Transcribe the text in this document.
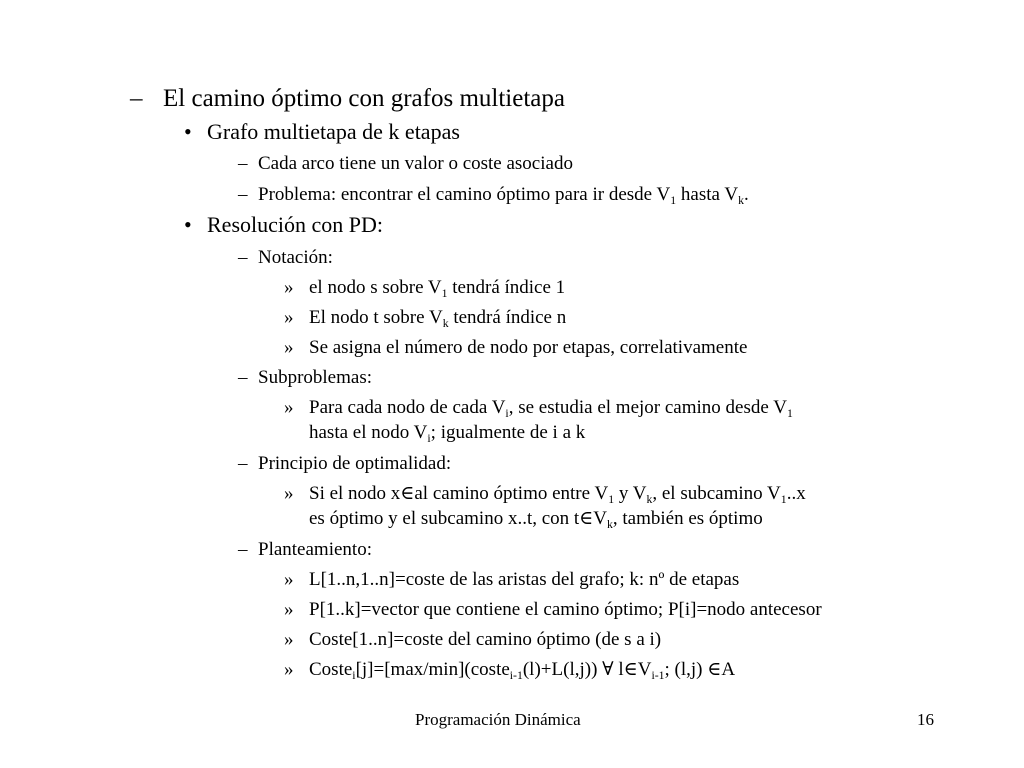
– El camino óptimo con grafos multietapa
• Grafo multietapa de k etapas
– Cada arco tiene un valor o coste asociado
– Problema: encontrar el camino óptimo para ir desde $V_1$ hasta $V_k$.
• Resolución con PD:
– Notación:
» el nodo s sobre $V_1$ tendrá índice 1
» El nodo t sobre $V_k$ tendrá índice n
» Se asigna el número de nodo por etapas, correlativamente
– Subproblemas:
» Para cada nodo de cada $V_i$, se estudia el mejor camino desde $V_1$
hasta el nodo $V_i$; igualmente de i a k
– Principio de optimalidad:
» Si el nodo x∈al camino óptimo entre $V_1$ y $V_k$, el subcamino $V_1..x$
es óptimo y el subcamino x..t, con $t\in V_k$, también es óptimo
– Planteamiento:
» L[1..n,1..n]=coste de las aristas del grafo; k: nº de etapas
» P[1..k]=vector que contiene el camino óptimo; P[i]=nodo antecesor
» Coste[1..n]=coste del camino óptimo (de s a i)
» Coste$_i$[j]=[max/min](coste$_{i-1}$(l)+L(l,j)) ∀ $l\in V_{i-1}$; (l,j) ∈A
Programación Dinámica	16
